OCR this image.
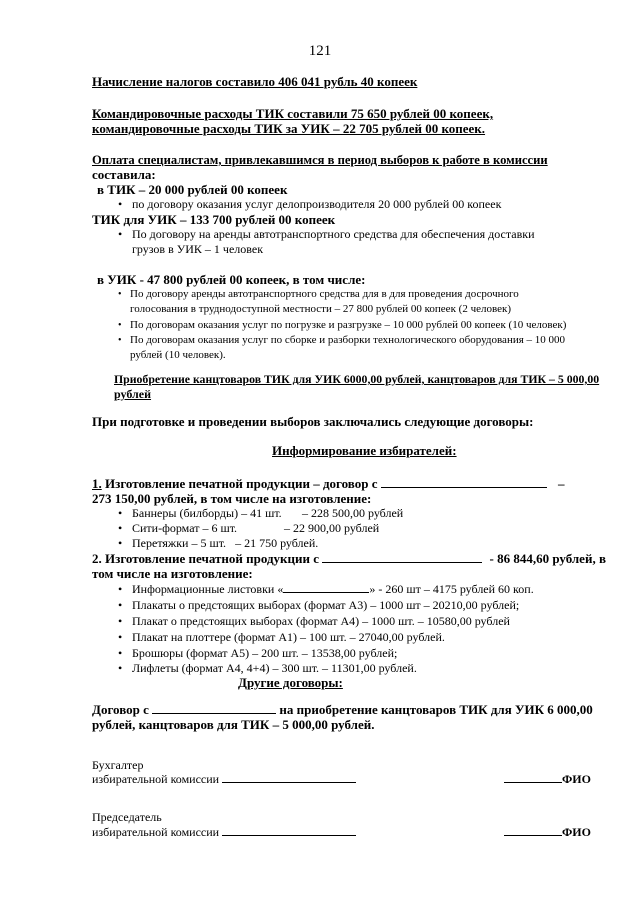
121
Начисление налогов составило 406 041 рубль 40 копеек
Командировочные расходы ТИК составили 75 650 рублей 00 копеек,
командировочные расходы ТИК за УИК – 22 705 рублей 00 копеек.
Оплата специалистам, привлекавшимся в период выборов к работе в комиссии
составила:
в ТИК – 20 000 рублей 00 копеек
• по договору оказания услуг делопроизводителя 20 000 рублей 00 копеек
ТИК для УИК – 133 700 рублей 00 копеек
• По договору на аренды автотранспортного средства для обеспечения доставки
грузов в УИК – 1 человек
в УИК - 47 800 рублей 00 копеек, в том числе:
• По договору аренды автотранспортного средства для в для проведения досрочного
голосования в труднодоступной местности – 27 800 рублей 00 копеек (2 человек)
• По договорам оказания услуг по погрузке и разгрузке – 10 000 рублей 00 копеек (10 человек)
• По договорам оказания услуг по сборке и разборки технологического оборудования – 10 000
рублей (10 человек).
Приобретение канцтоваров ТИК для УИК 6000,00 рублей, канцтоваров для ТИК – 5 000,00
рублей
При подготовке и проведении выборов заключались следующие договоры:
Информирование избирателей:
1. Изготовление печатной продукции – договор с	–
273 150,00 рублей, в том числе на изготовление:
• Баннеры (билборды) – 41 шт. – 228 500,00 рублей
• Сити-формат – 6 шт.	– 22 900,00 рублей
• Перетяжки – 5 шт. – 21 750 рублей.
2. Изготовление печатной продукции с	- 86 844,60 рублей, в
том числе на изготовление:
• Информационные листовки «	» - 260 шт – 4175 рублей 60 коп.
• Плакаты о предстоящих выборах (формат А3) – 1000 шт – 20210,00 рублей;
• Плакат о предстоящих выборах (формат А4) – 1000 шт. – 10580,00 рублей
• Плакат на плоттере (формат А1) – 100 шт. – 27040,00 рублей.
• Брошюры (формат А5) – 200 шт. – 13538,00 рублей;
• Лифлеты (формат А4, 4+4) – 300 шт. – 11301,00 рублей.
Другие договоры:
Договор с	на приобретение канцтоваров ТИК для УИК 6 000,00
рублей, канцтоваров для ТИК – 5 000,00 рублей.
Бухгалтер
избирательной комиссии	ФИО
Председатель
избирательной комиссии	ФИО
